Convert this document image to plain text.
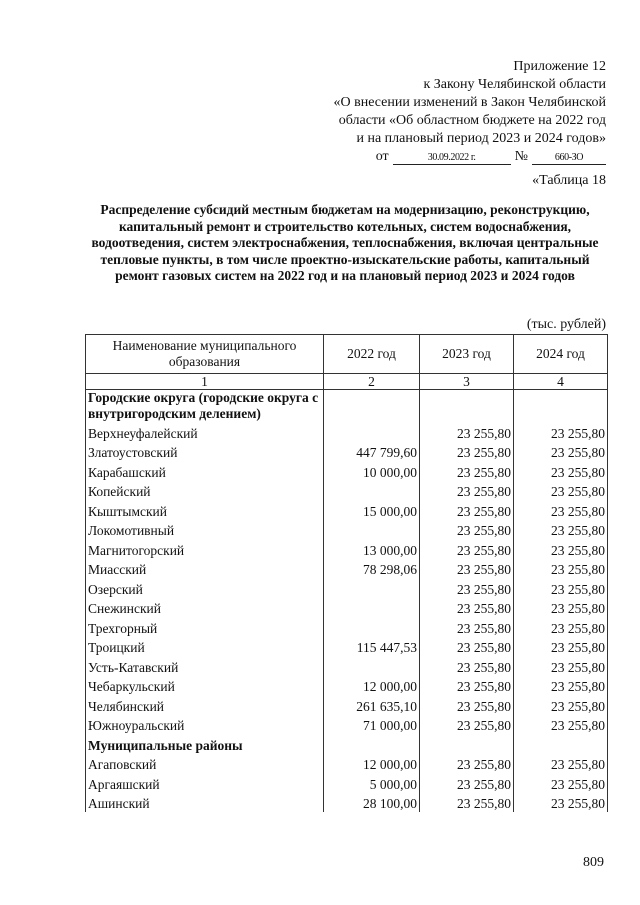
Приложение 12
к Закону Челябинской области
«О внесении изменений в Закон Челябинской
области «Об областном бюджете на 2022 год
и на плановый период 2023 и 2024 годов»
от	30.09.2022 г.	№	660-ЗО
«Таблица 18
Распределение субсидий местным бюджетам на модернизацию, реконструкцию, капитальный ремонт и строительство котельных, систем водоснабжения, водоотведения, систем электроснабжения, теплоснабжения, включая центральные тепловые пункты, в том числе проектно-изыскательские работы, капитальный ремонт газовых систем на 2022 год и на плановый период 2023 и 2024 годов
(тыс. рублей)
Наименование муниципального образования	2022 год	2023 год	2024 год
1	2	3	4
Городские округа (городские округа с внутригородским делением)			
Верхнеуфалейский		23 255,80	23 255,80
Златоустовский	447 799,60	23 255,80	23 255,80
Карабашский	10 000,00	23 255,80	23 255,80
Копейский		23 255,80	23 255,80
Кыштымский	15 000,00	23 255,80	23 255,80
Локомотивный		23 255,80	23 255,80
Магнитогорский	13 000,00	23 255,80	23 255,80
Миасский	78 298,06	23 255,80	23 255,80
Озерский		23 255,80	23 255,80
Снежинский		23 255,80	23 255,80
Трехгорный		23 255,80	23 255,80
Троицкий	115 447,53	23 255,80	23 255,80
Усть-Катавский		23 255,80	23 255,80
Чебаркульский	12 000,00	23 255,80	23 255,80
Челябинский	261 635,10	23 255,80	23 255,80
Южноуральский	71 000,00	23 255,80	23 255,80
Муниципальные районы			
Агаповский	12 000,00	23 255,80	23 255,80
Аргаяшский	5 000,00	23 255,80	23 255,80
Ашинский	28 100,00	23 255,80	23 255,80
809
